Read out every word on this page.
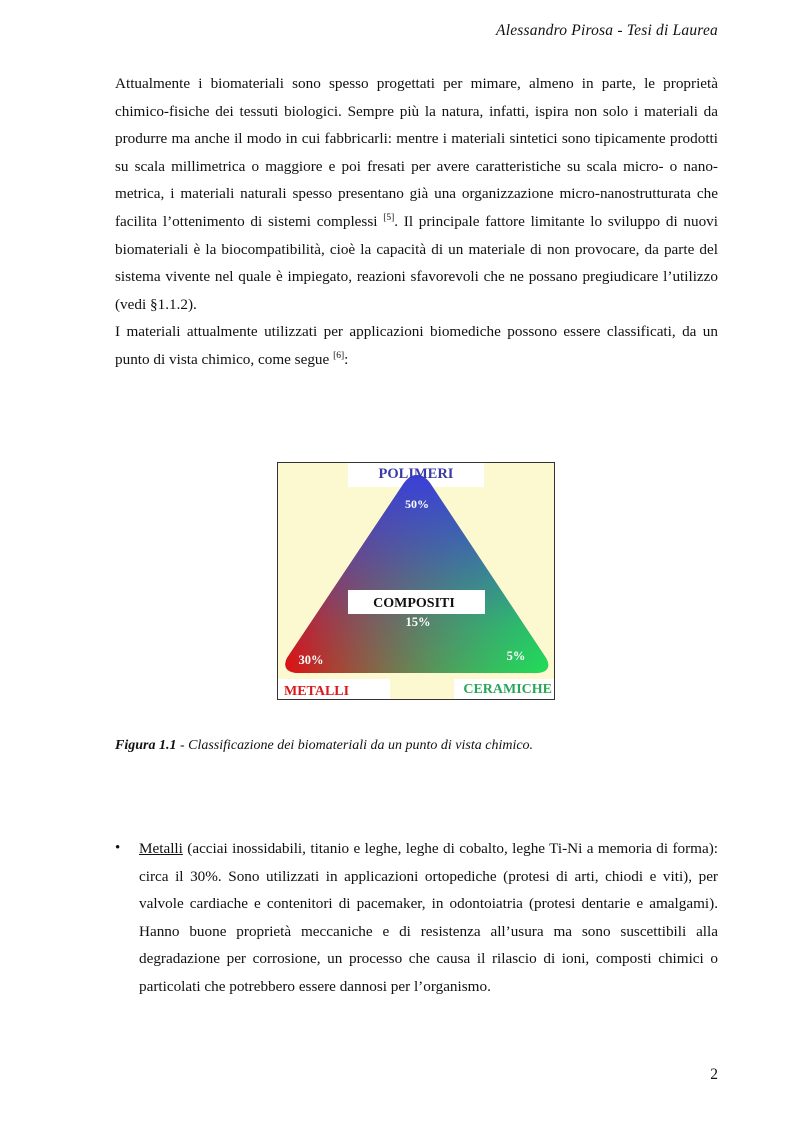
Alessandro Pirosa - Tesi di Laurea

Attualmente i biomateriali sono spesso progettati per mimare, almeno in parte, le proprietà chimico-fisiche dei tessuti biologici. Sempre più la natura, infatti, ispira non solo i materiali da produrre ma anche il modo in cui fabbricarli: mentre i materiali sintetici sono tipicamente prodotti su scala millimetrica o maggiore e poi fresati per avere caratteristiche su scala micro- o nano-metrica, i materiali naturali spesso presentano già una organizzazione micro-nanostrutturata che facilita l’ottenimento di sistemi complessi [5]. Il principale fattore limitante lo sviluppo di nuovi biomateriali è la biocompatibilità, cioè la capacità di un materiale di non provocare, da parte del sistema vivente nel quale è impiegato, reazioni sfavorevoli che ne possano pregiudicare l’utilizzo (vedi §1.1.2).

I materiali attualmente utilizzati per applicazioni biomediche possono essere classificati, da un punto di vista chimico, come segue [6]:

POLIMERI
50%
COMPOSITI
15%
30%	5%
METALLI	CERAMICHE
Figura 1.1 - Classificazione dei biomateriali da un punto di vista chimico.
• Metalli (acciai inossidabili, titanio e leghe, leghe di cobalto, leghe Ti-Ni a memoria di forma): circa il 30%. Sono utilizzati in applicazioni ortopediche (protesi di arti, chiodi e viti), per valvole cardiache e contenitori di pacemaker, in odontoiatria (protesi dentarie e amalgami). Hanno buone proprietà meccaniche e di resistenza all’usura ma sono suscettibili alla degradazione per corrosione, un processo che causa il rilascio di ioni, composti chimici o particolati che potrebbero essere dannosi per l’organismo.
2
